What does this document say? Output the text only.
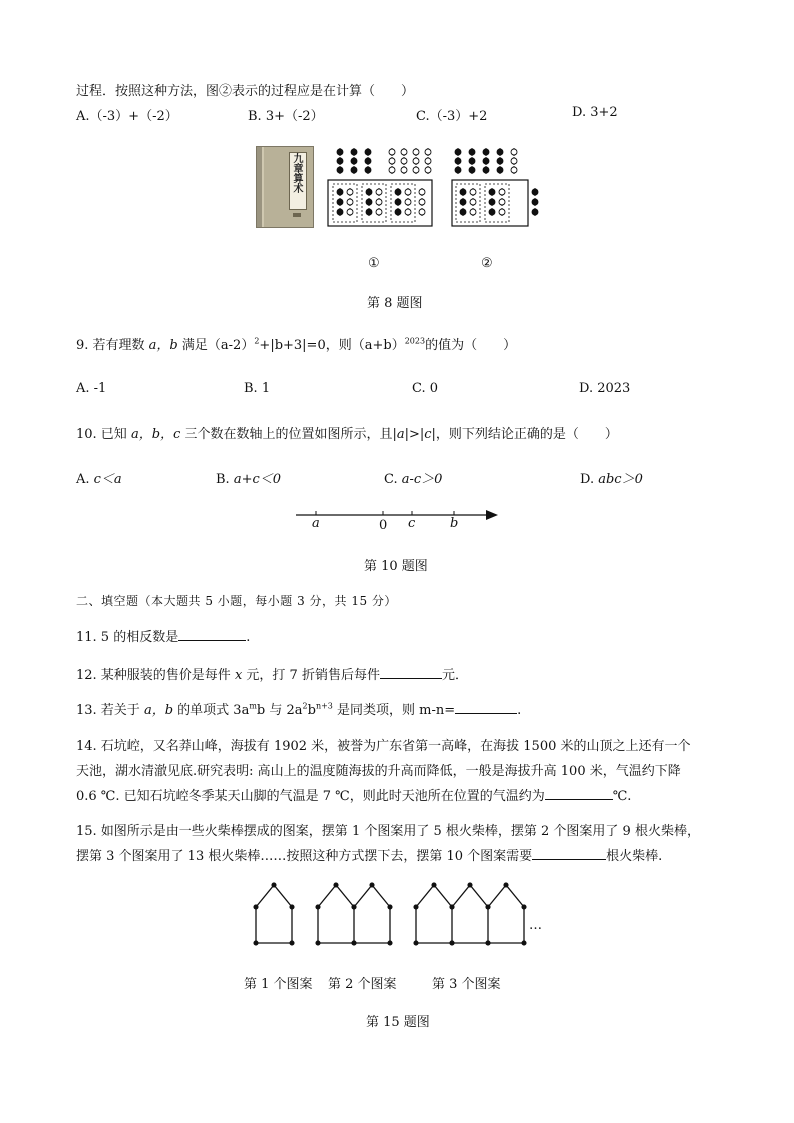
过程．按照这种方法，图②表示的过程应是在计算（　　）
A.（-3）+（-2）	B. 3+（-2）	C.（-3）+2	D. 3+2
九章算术
①	②
第 8 题图
9. 若有理数 a，b 满足$(a-2)^2+|b+3|=0$，则$(a+b)^{2023}$的值为（　　）
A. -1	B. 1	C. 0	D. 2023
10. 已知 a，b，c 三个数在数轴上的位置如图所示，且|a|>|c|，则下列结论正确的是（　　）
A. c＜a	B. a+c＜0	C. a-c＞0	D. abc＞0
a	0 c	b
第 10 题图
二、填空题（本大题共 5 小题，每小题 3 分，共 15 分）
11. 5 的相反数是	.
12. 某种服装的售价是每件 x 元，打 7 折销售后每件	元．
13. 若关于 a，b 的单项式 $3a^mb$ 与 $2a^2b^{n+3}$ 是同类项，则 m-n=	.
14. 石坑崆，又名莽山峰，海拔有 1902 米，被誉为广东省第一高峰，在海拔 1500 米的山顶之上还有一个
天池，湖水清澈见底.研究表明: 高山上的温度随海拔的升高而降低，一般是海拔升高 100 米，气温约下降
0.6 ℃. 已知石坑崆冬季某天山脚的气温是 7 ℃，则此时天池所在位置的气温约为	℃.
15. 如图所示是由一些火柴棒摆成的图案，摆第 1 个图案用了 5 根火柴棒，摆第 2 个图案用了 9 根火柴棒，
摆第 3 个图案用了 13 根火柴棒……按照这种方式摆下去，摆第 10 个图案需要	根火柴棒.
…
第 1 个图案 第 2 个图案	第 3 个图案
第 15 题图
